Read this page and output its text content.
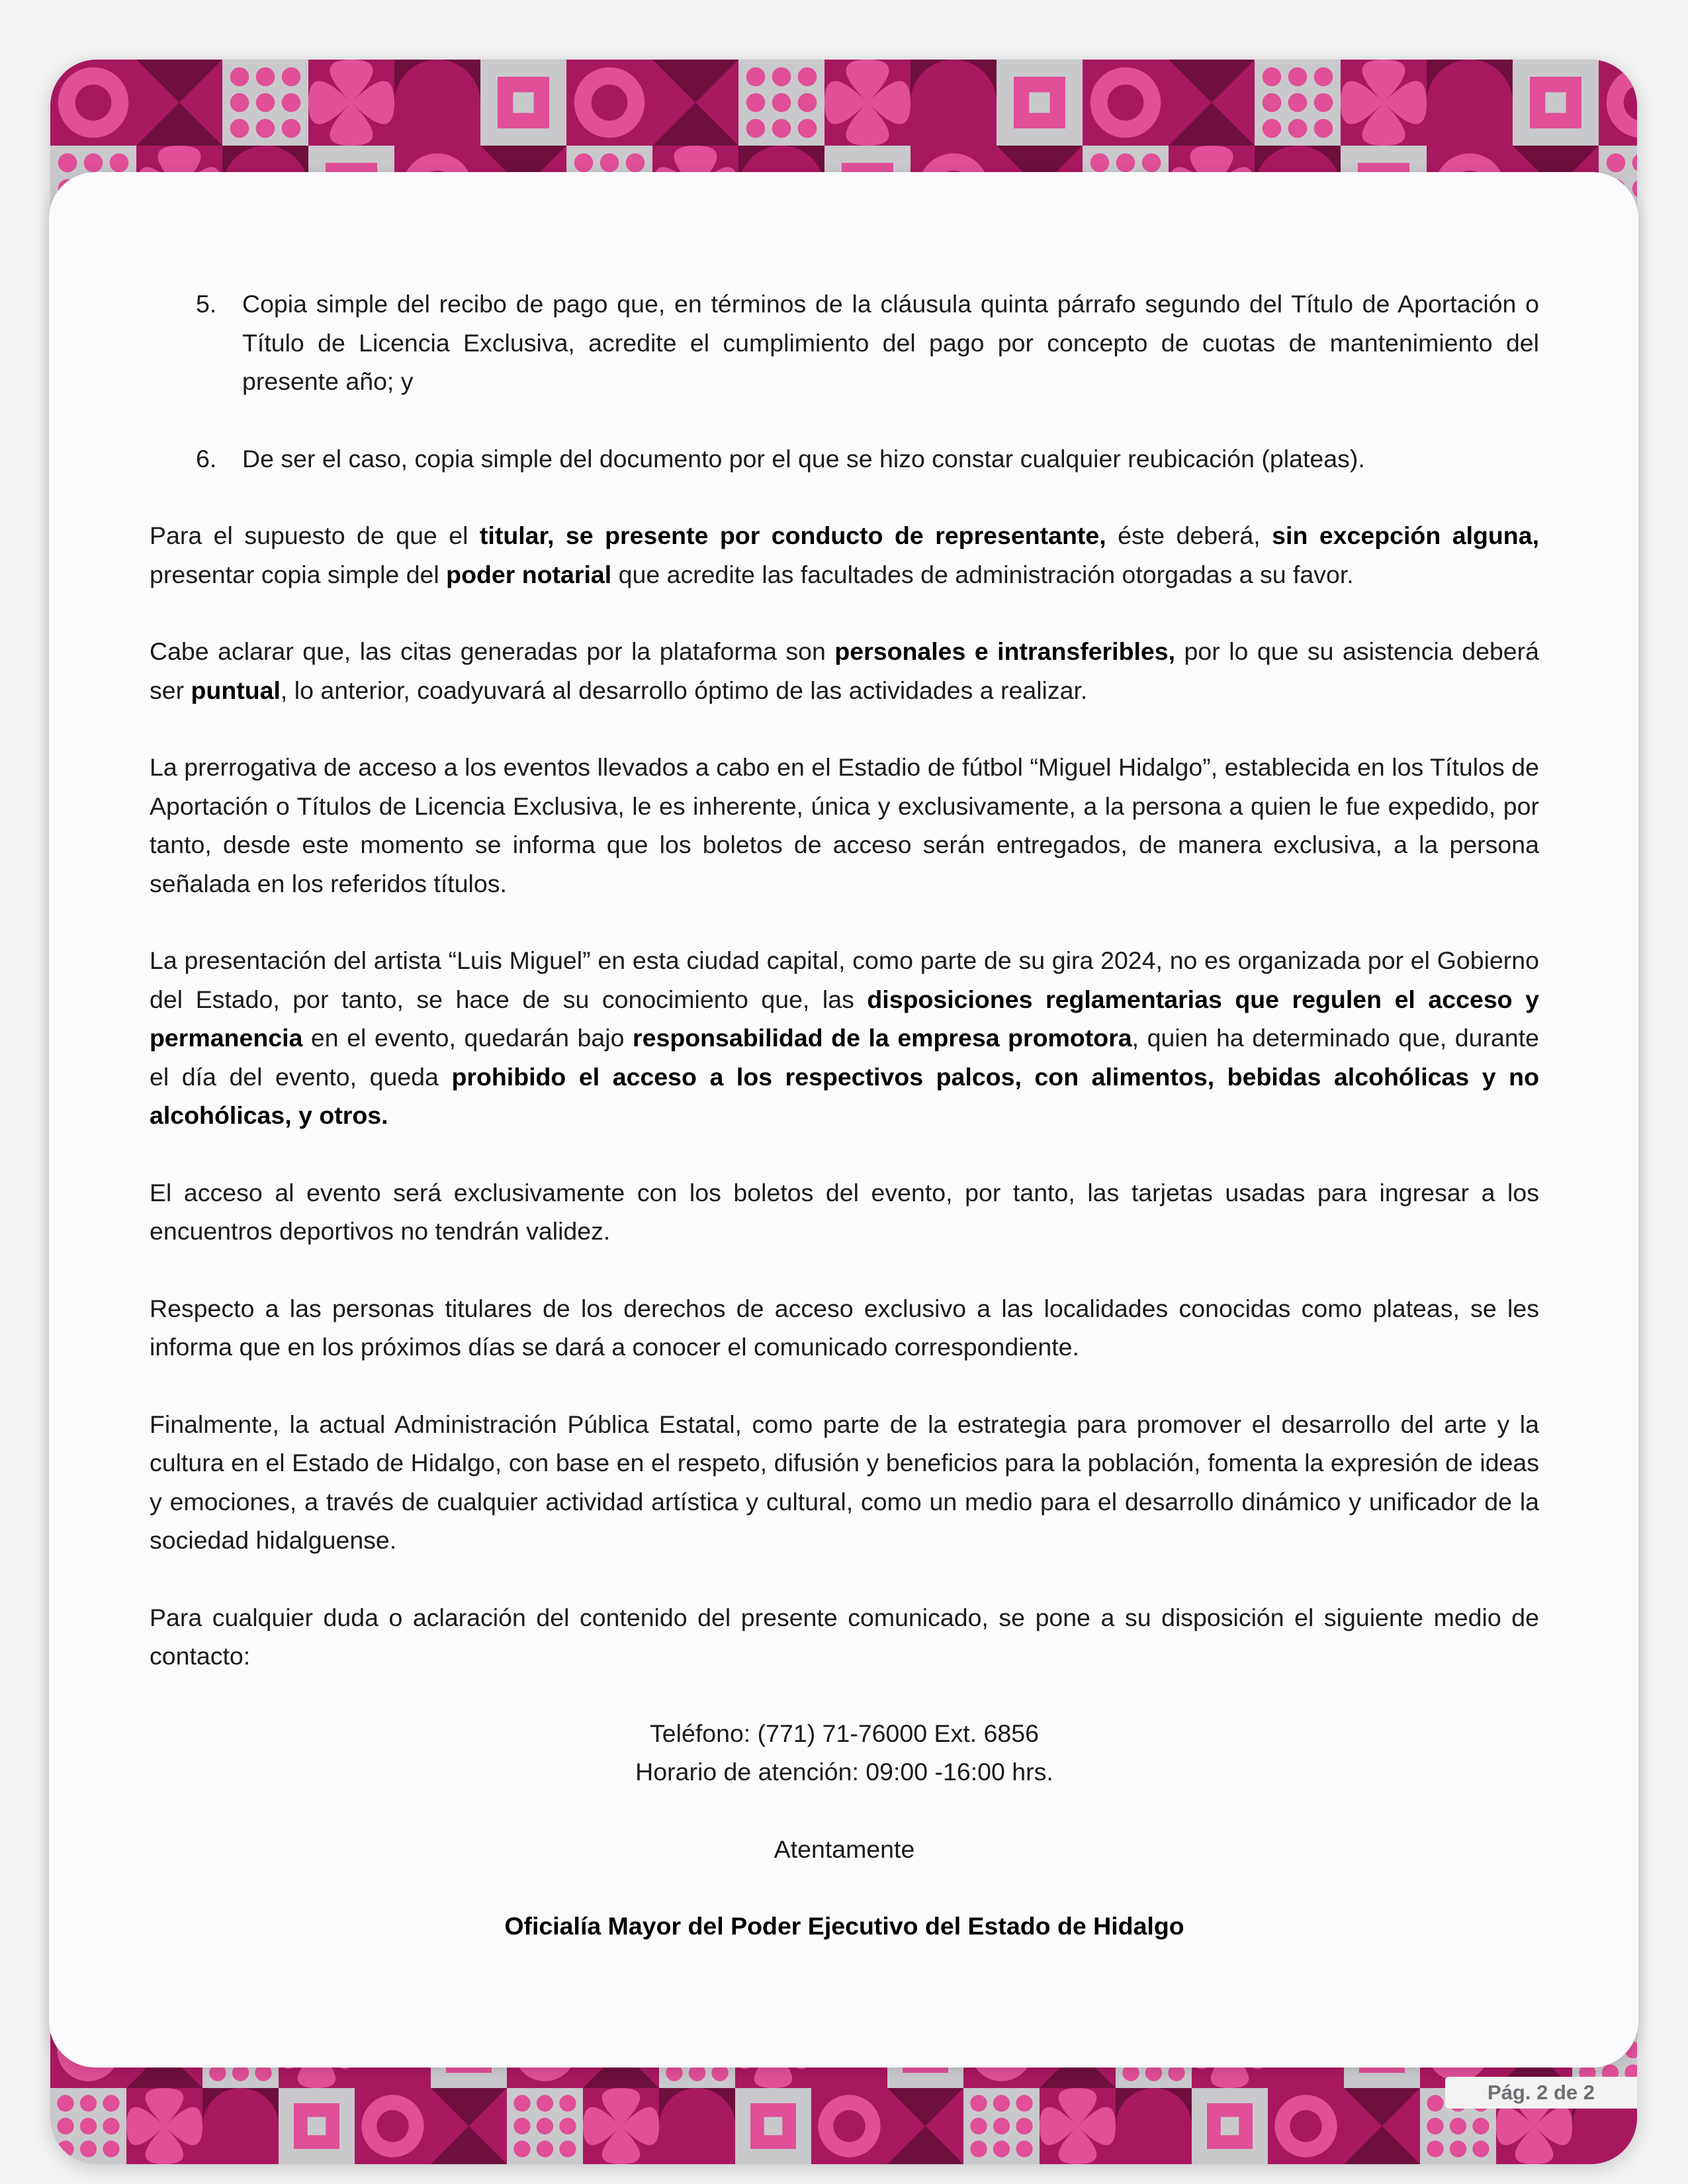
5.	Copia simple del recibo de pago que, en términos de la cláusula quinta párrafo segundo del Título de Aportación o Título de Licencia Exclusiva, acredite el cumplimiento del pago por concepto de cuotas de mantenimiento del presente año; y
6.	De ser el caso, copia simple del documento por el que se hizo constar cualquier reubicación (plateas).

Para el supuesto de que el titular, se presente por conducto de representante, éste deberá, sin excepción alguna, presentar copia simple del poder notarial que acredite las facultades de administración otorgadas a su favor.

Cabe aclarar que, las citas generadas por la plataforma son personales e intransferibles, por lo que su asistencia deberá ser puntual, lo anterior, coadyuvará al desarrollo óptimo de las actividades a realizar.

La prerrogativa de acceso a los eventos llevados a cabo en el Estadio de fútbol “Miguel Hidalgo”, establecida en los Títulos de Aportación o Títulos de Licencia Exclusiva, le es inherente, única y exclusivamente, a la persona a quien le fue expedido, por tanto, desde este momento se informa que los boletos de acceso serán entregados, de manera exclusiva, a la persona señalada en los referidos títulos.

La presentación del artista “Luis Miguel” en esta ciudad capital, como parte de su gira 2024, no es organizada por el Gobierno del Estado, por tanto, se hace de su conocimiento que, las disposiciones reglamentarias que regulen el acceso y permanencia en el evento, quedarán bajo responsabilidad de la empresa promotora, quien ha determinado que, durante el día del evento, queda prohibido el acceso a los respectivos palcos, con alimentos, bebidas alcohólicas y no alcohólicas, y otros.

El acceso al evento será exclusivamente con los boletos del evento, por tanto, las tarjetas usadas para ingresar a los encuentros deportivos no tendrán validez.

Respecto a las personas titulares de los derechos de acceso exclusivo a las localidades conocidas como plateas, se les informa que en los próximos días se dará a conocer el comunicado correspondiente.

Finalmente, la actual Administración Pública Estatal, como parte de la estrategia para promover el desarrollo del arte y la cultura en el Estado de Hidalgo, con base en el respeto, difusión y beneficios para la población, fomenta la expresión de ideas y emociones, a través de cualquier actividad artística y cultural, como un medio para el desarrollo dinámico y unificador de la sociedad hidalguense.

Para cualquier duda o aclaración del contenido del presente comunicado, se pone a su disposición el siguiente medio de contacto:

Teléfono: (771) 71-76000 Ext. 6856

Horario de atención: 09:00 -16:00 hrs.

Atentamente

Oficialía Mayor del Poder Ejecutivo del Estado de Hidalgo

Pág. 2 de 2
